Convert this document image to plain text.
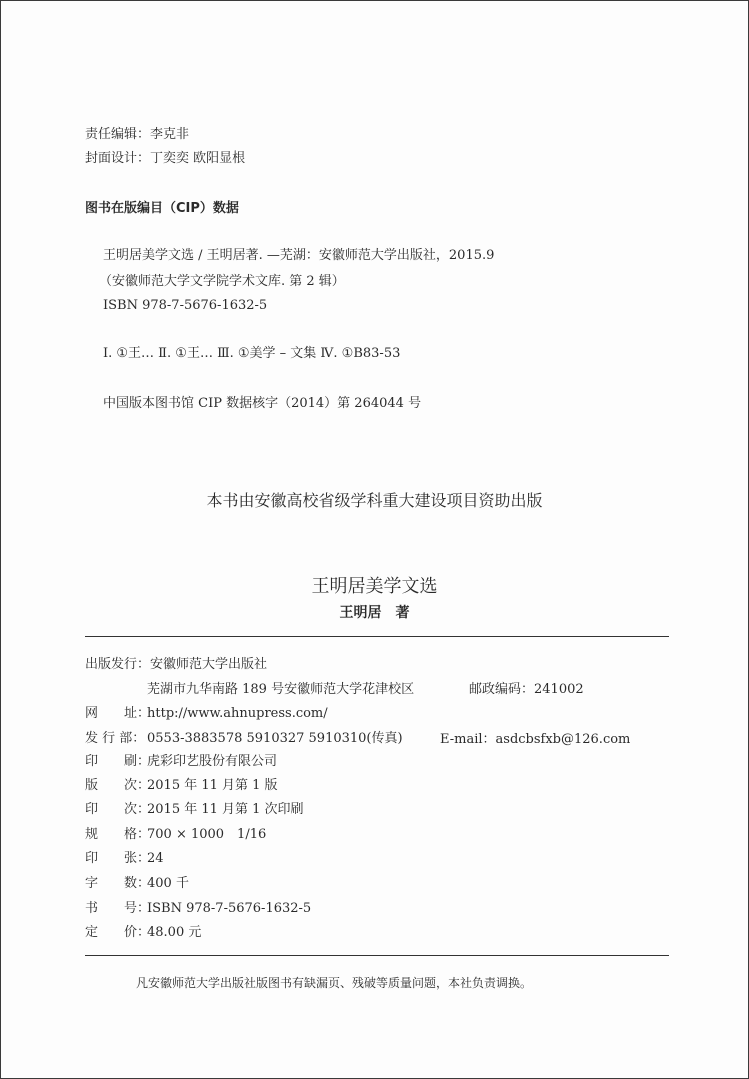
责任编辑：李克非
封面设计：丁奕奕 欧阳显根
图书在版编目（CIP）数据
王明居美学文选 / 王明居著. —芜湖：安徽师范大学出版社，2015.9
（安徽师范大学文学院学术文库. 第 2 辑）
ISBN 978-7-5676-1632-5
Ⅰ. ①王… Ⅱ. ①王… Ⅲ. ①美学 – 文集 Ⅳ. ①B83-53
中国版本图书馆 CIP 数据核字（2014）第 264044 号
本书由安徽高校省级学科重大建设项目资助出版
王明居美学文选
王明居　著
出版发行：安徽师范大学出版社
芜湖市九华南路 189 号安徽师范大学花津校区	邮政编码：241002
网　　址：http://www.ahnupress.com/
发 行 部： 0553-3883578 5910327 5910310(传真)	E-mail：asdcbsfxb@126.com
印　　刷：虎彩印艺股份有限公司
版　　次：2015 年 11 月第 1 版
印　　次：2015 年 11 月第 1 次印刷
规　　格：700 × 1000　1/16
印　　张：24
字　　数：400 千
书　　号：ISBN 978-7-5676-1632-5
定　　价：48.00 元
凡安徽师范大学出版社版图书有缺漏页、残破等质量问题，本社负责调换。
